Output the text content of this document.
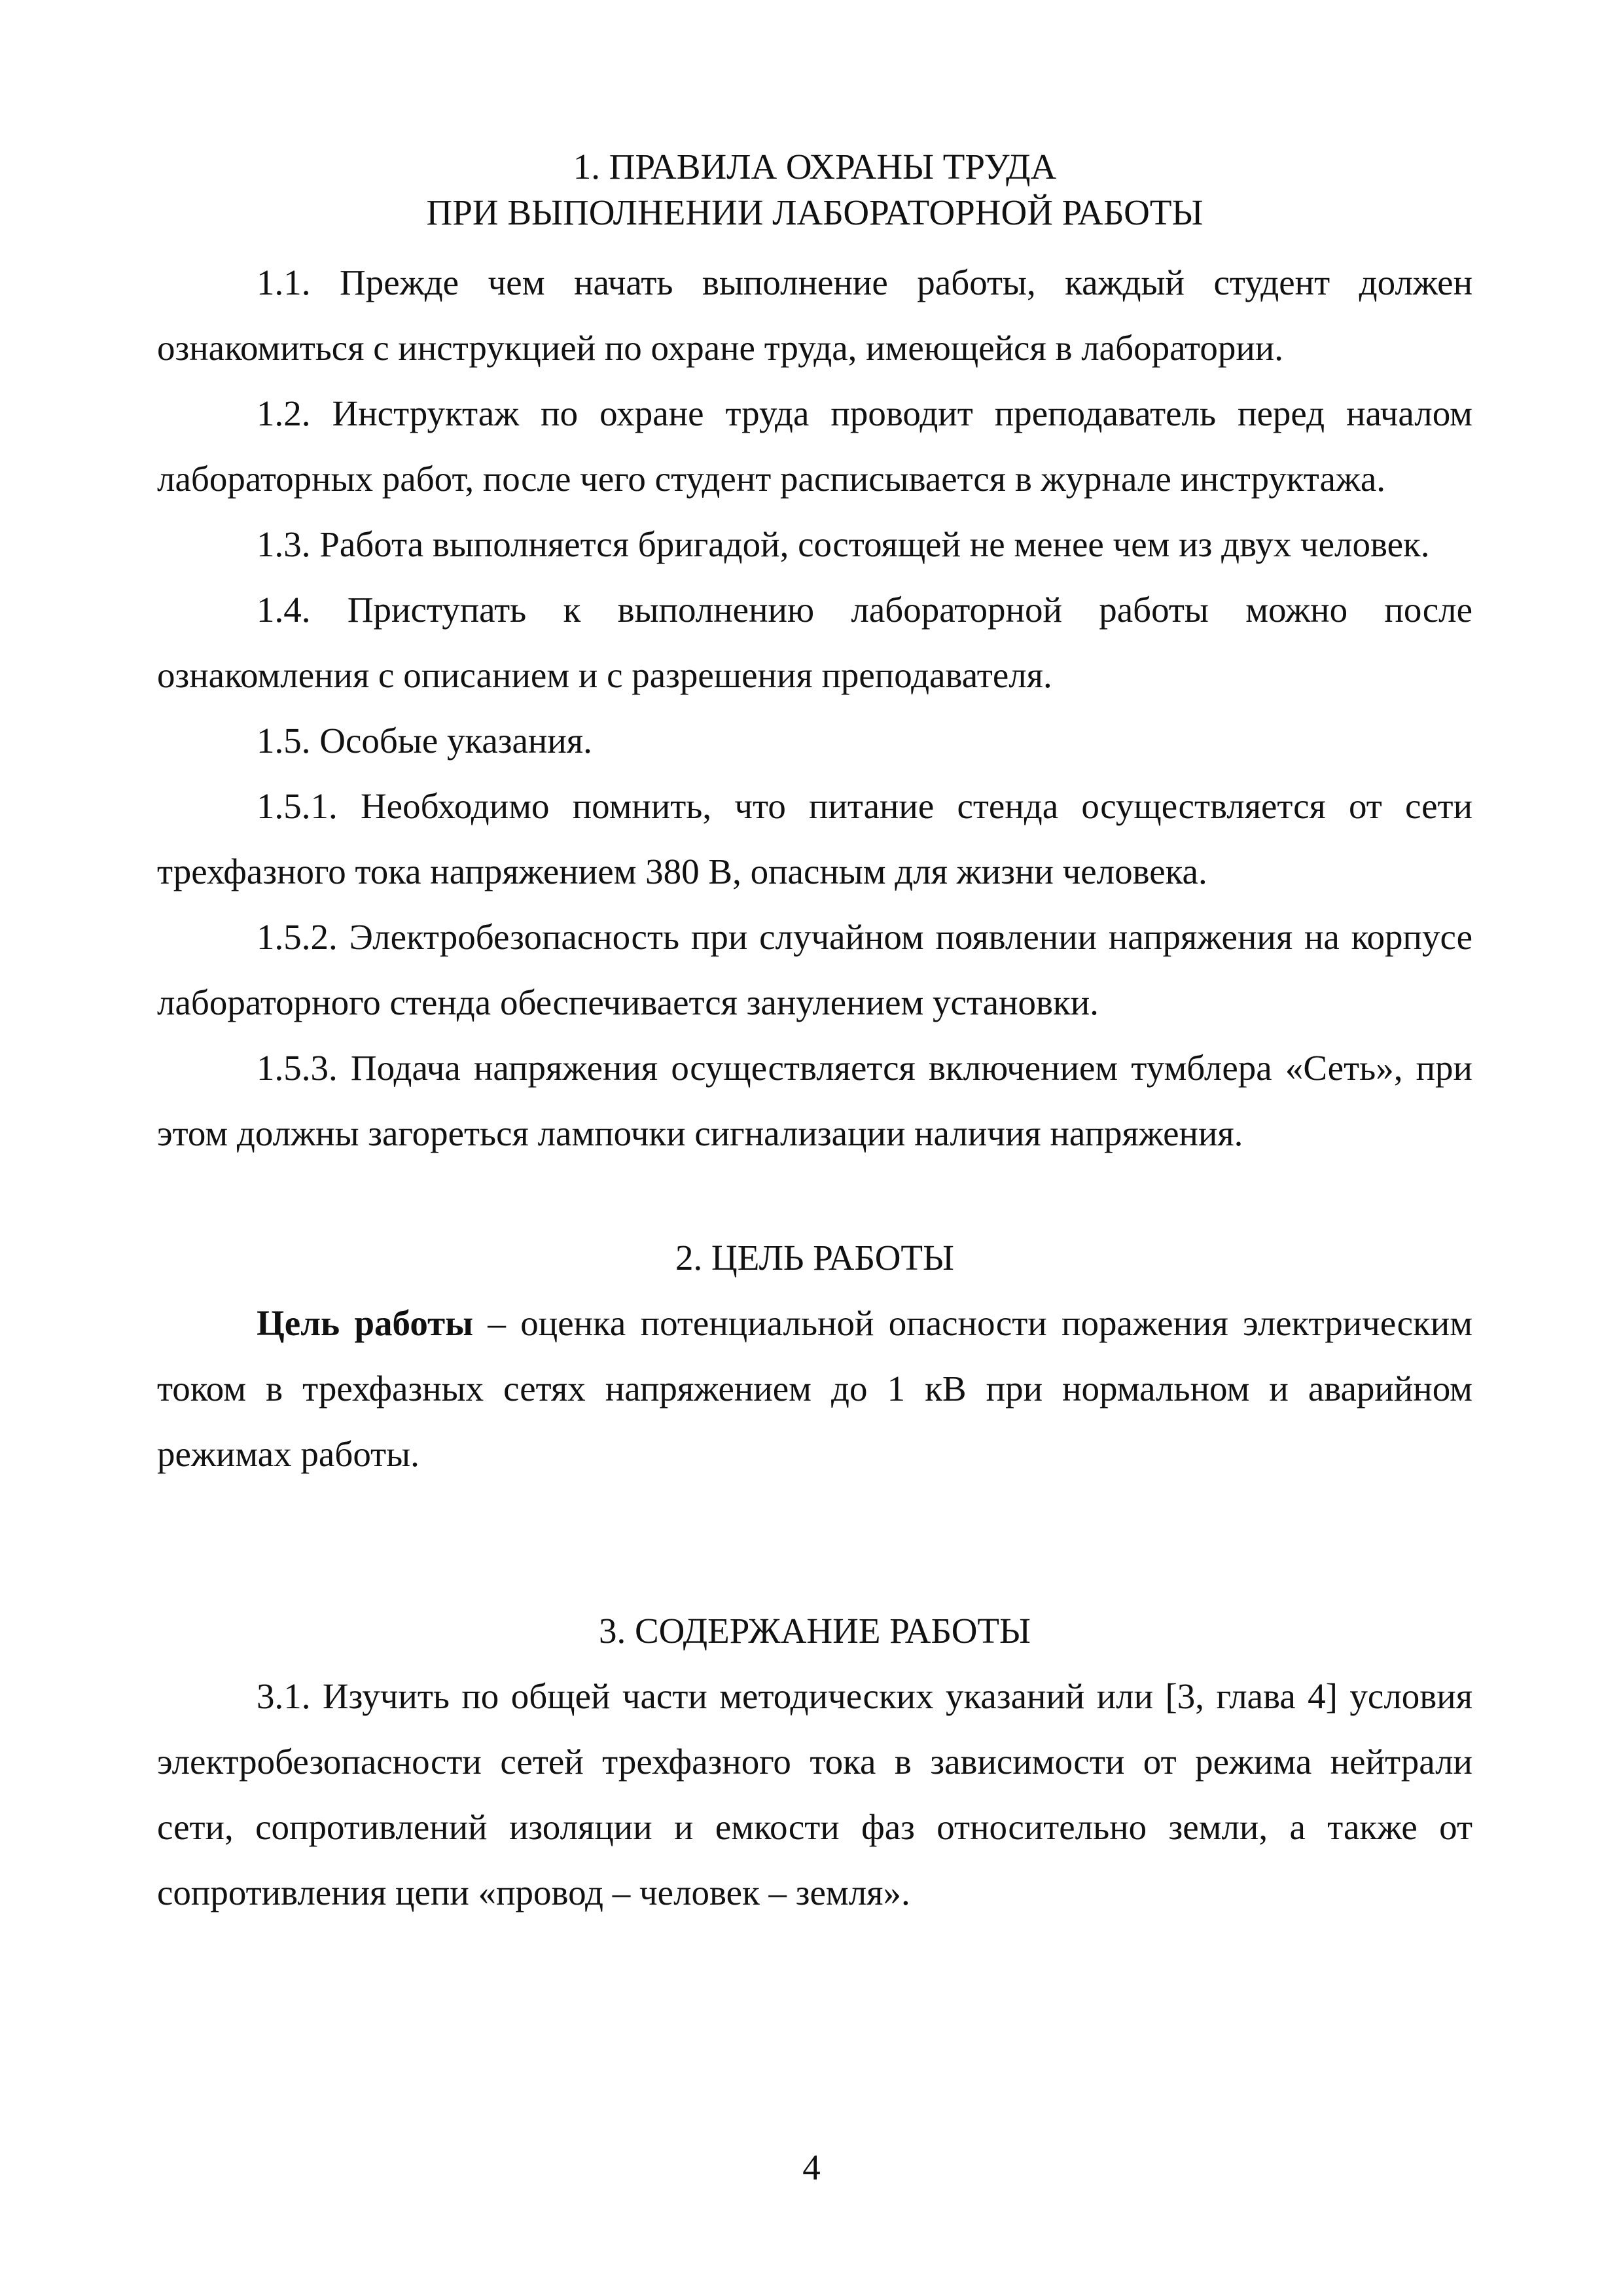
1. ПРАВИЛА ОХРАНЫ ТРУДА
ПРИ ВЫПОЛНЕНИИ ЛАБОРАТОРНОЙ РАБОТЫ

1.1. Прежде чем начать выполнение работы, каждый студент должен ознакомиться с инструкцией по охране труда, имеющейся в лаборатории.

1.2. Инструктаж по охране труда проводит преподаватель перед началом лабораторных работ, после чего студент расписывается в журнале инструктажа.

1.3. Работа выполняется бригадой, состоящей не менее чем из двух человек.

1.4. Приступать к выполнению лабораторной работы можно после ознакомления с описанием и с разрешения преподавателя.

1.5. Особые указания.

1.5.1. Необходимо помнить, что питание стенда осуществляется от сети трехфазного тока напряжением 380 В, опасным для жизни человека.

1.5.2. Электробезопасность при случайном появлении напряжения на корпусе лабораторного стенда обеспечивается занулением установки.

1.5.3. Подача напряжения осуществляется включением тумблера «Сеть», при этом должны загореться лампочки сигнализации наличия напряжения.

2. ЦЕЛЬ РАБОТЫ

Цель работы – оценка потенциальной опасности поражения электрическим током в трехфазных сетях напряжением до 1 кВ при нормальном и аварийном режимах работы.

3. СОДЕРЖАНИЕ РАБОТЫ

3.1. Изучить по общей части методических указаний или [3, глава 4] условия электробезопасности сетей трехфазного тока в зависимости от режима нейтрали сети, сопротивлений изоляции и емкости фаз относительно земли, а также от сопротивления цепи «провод – человек – земля».

4
